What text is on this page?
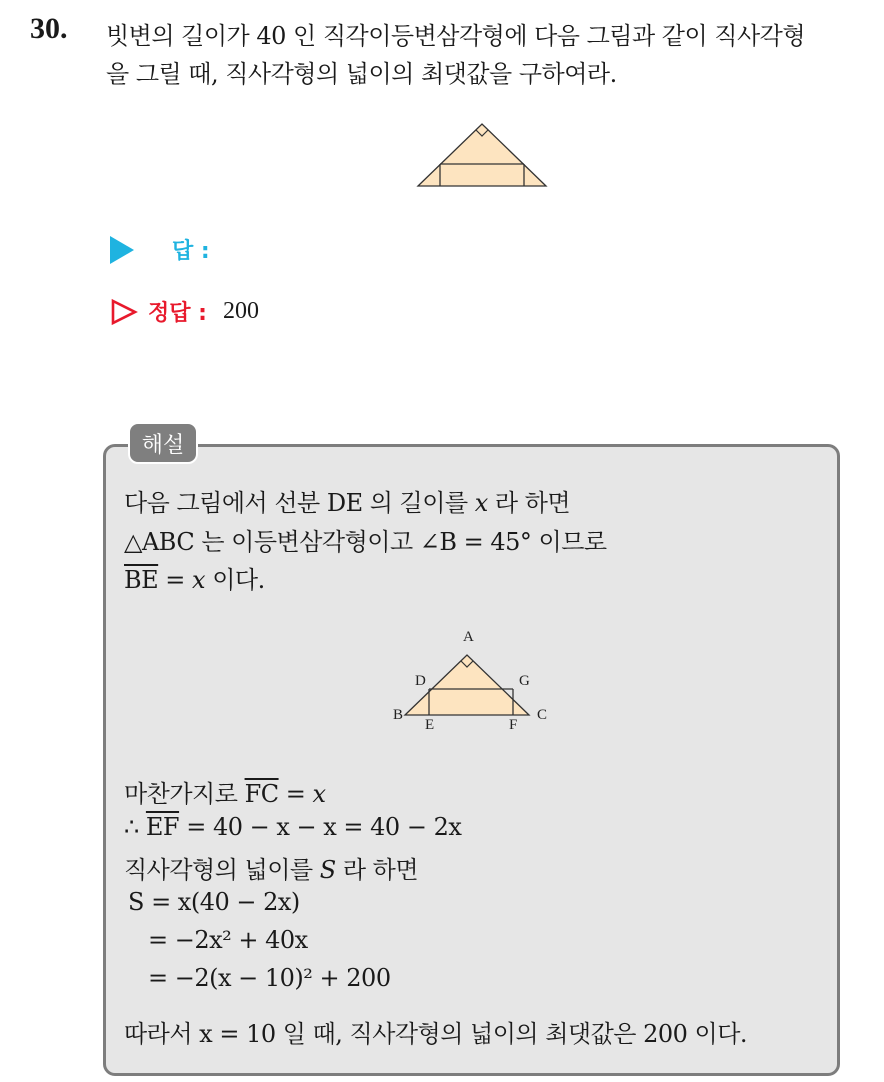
30. 빗변의 길이가 40 인 직각이등변삼각형에 다음 그림과 같이 직사각형
을 그릴 때, 직사각형의 넓이의 최댓값을 구하여라.
답 :
정답 : 200
해설
다음 그림에서 선분 DE 의 길이를 x 라 하면
△ABC 는 이등변삼각형이고 ∠B = 45° 이므로
$\overline{BE} = x$ 이다.
A
D	G
B	C
E	F
마찬가지로 $\overline{FC} = x$
∴ $\overline{EF} = 40 - x - x = 40 - 2x$
직사각형의 넓이를 S 라 하면
S = x(40 − 2x)
= −2x² + 40x
= −2(x − 10)² + 200
따라서 x = 10 일 때, 직사각형의 넓이의 최댓값은 200 이다.
